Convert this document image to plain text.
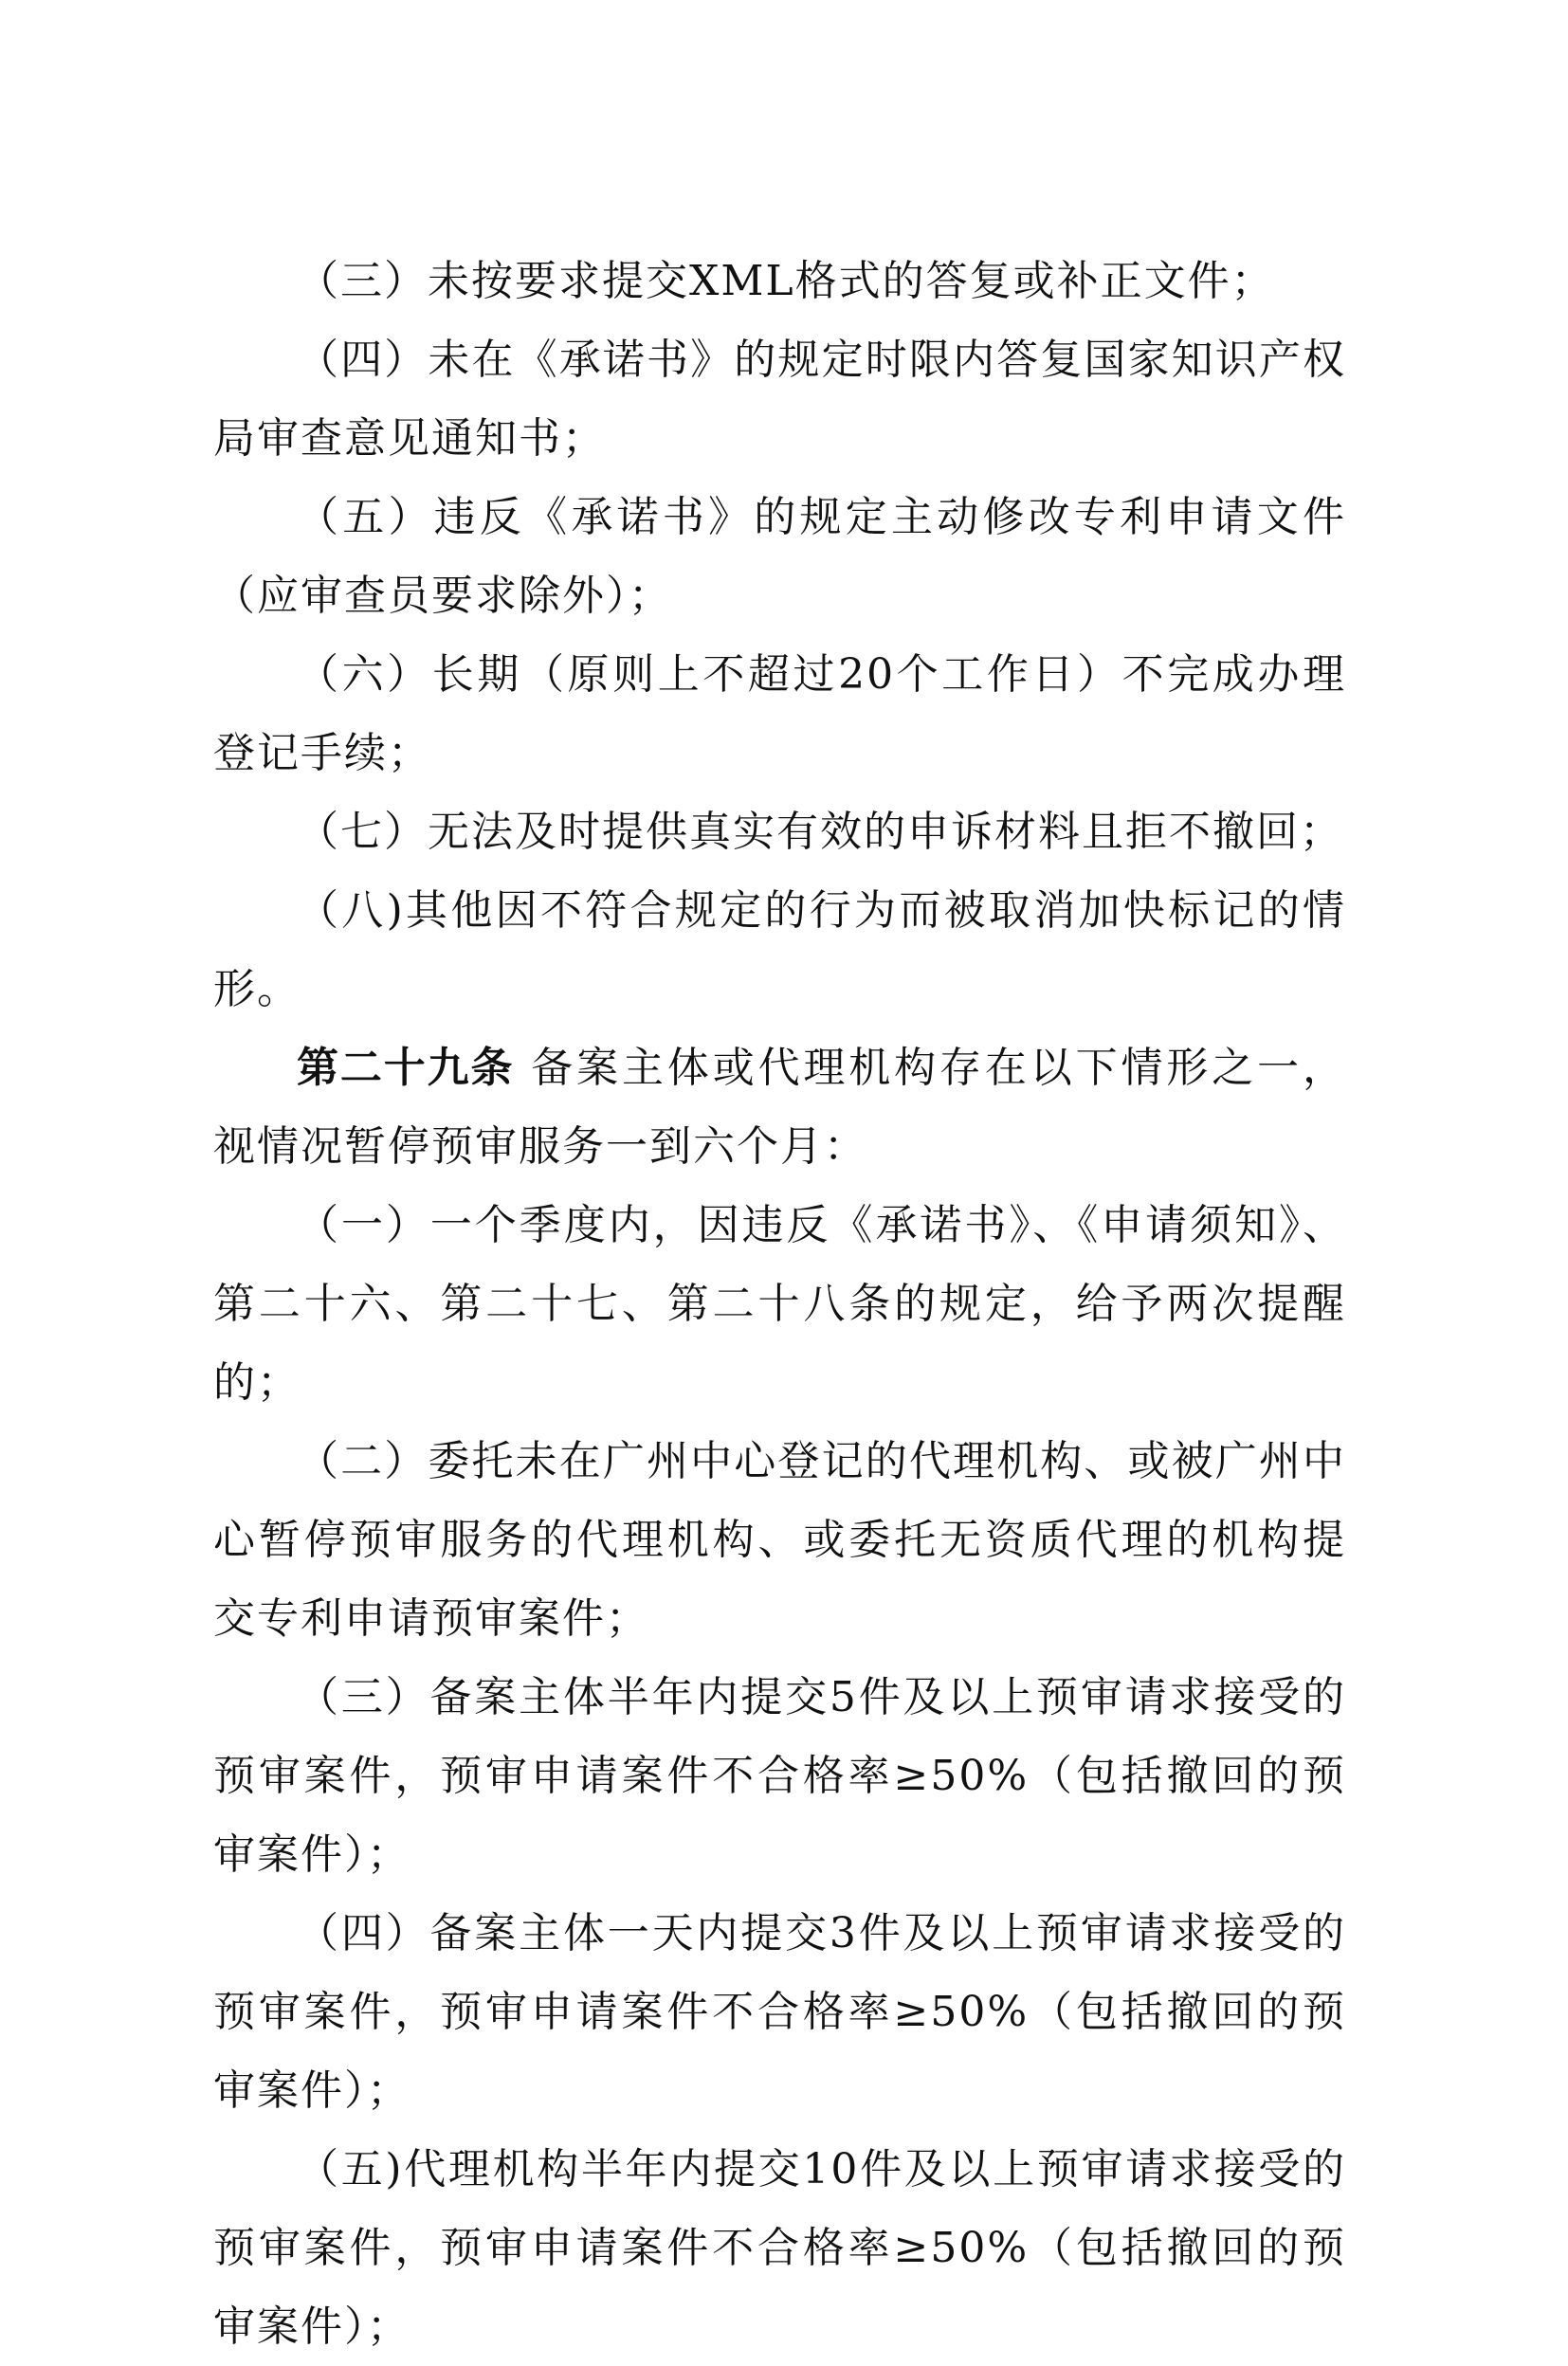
（三）未按要求提交XML格式的答复或补正文件；

（四）未在《承诺书》的规定时限内答复国家知识产权局审查意见通知书；

（五）违反《承诺书》的规定主动修改专利申请文件（应审查员要求除外）；

（六）长期（原则上不超过20个工作日）不完成办理登记手续；

（七）无法及时提供真实有效的申诉材料且拒不撤回；

（八)其他因不符合规定的行为而被取消加快标记的情形。

第二十九条 备案主体或代理机构存在以下情形之一，视情况暂停预审服务一到六个月：

（一）一个季度内，因违反《承诺书》、《申请须知》、第二十六、第二十七、第二十八条的规定，给予两次提醒的；

（二）委托未在广州中心登记的代理机构、或被广州中心暂停预审服务的代理机构、或委托无资质代理的机构提交专利申请预审案件；

（三）备案主体半年内提交5件及以上预审请求接受的预审案件，预审申请案件不合格率≥50%（包括撤回的预审案件）；

（四）备案主体一天内提交3件及以上预审请求接受的预审案件，预审申请案件不合格率≥50%（包括撤回的预审案件）；

（五)代理机构半年内提交10件及以上预审请求接受的预审案件，预审申请案件不合格率≥50%（包括撤回的预审案件）；
